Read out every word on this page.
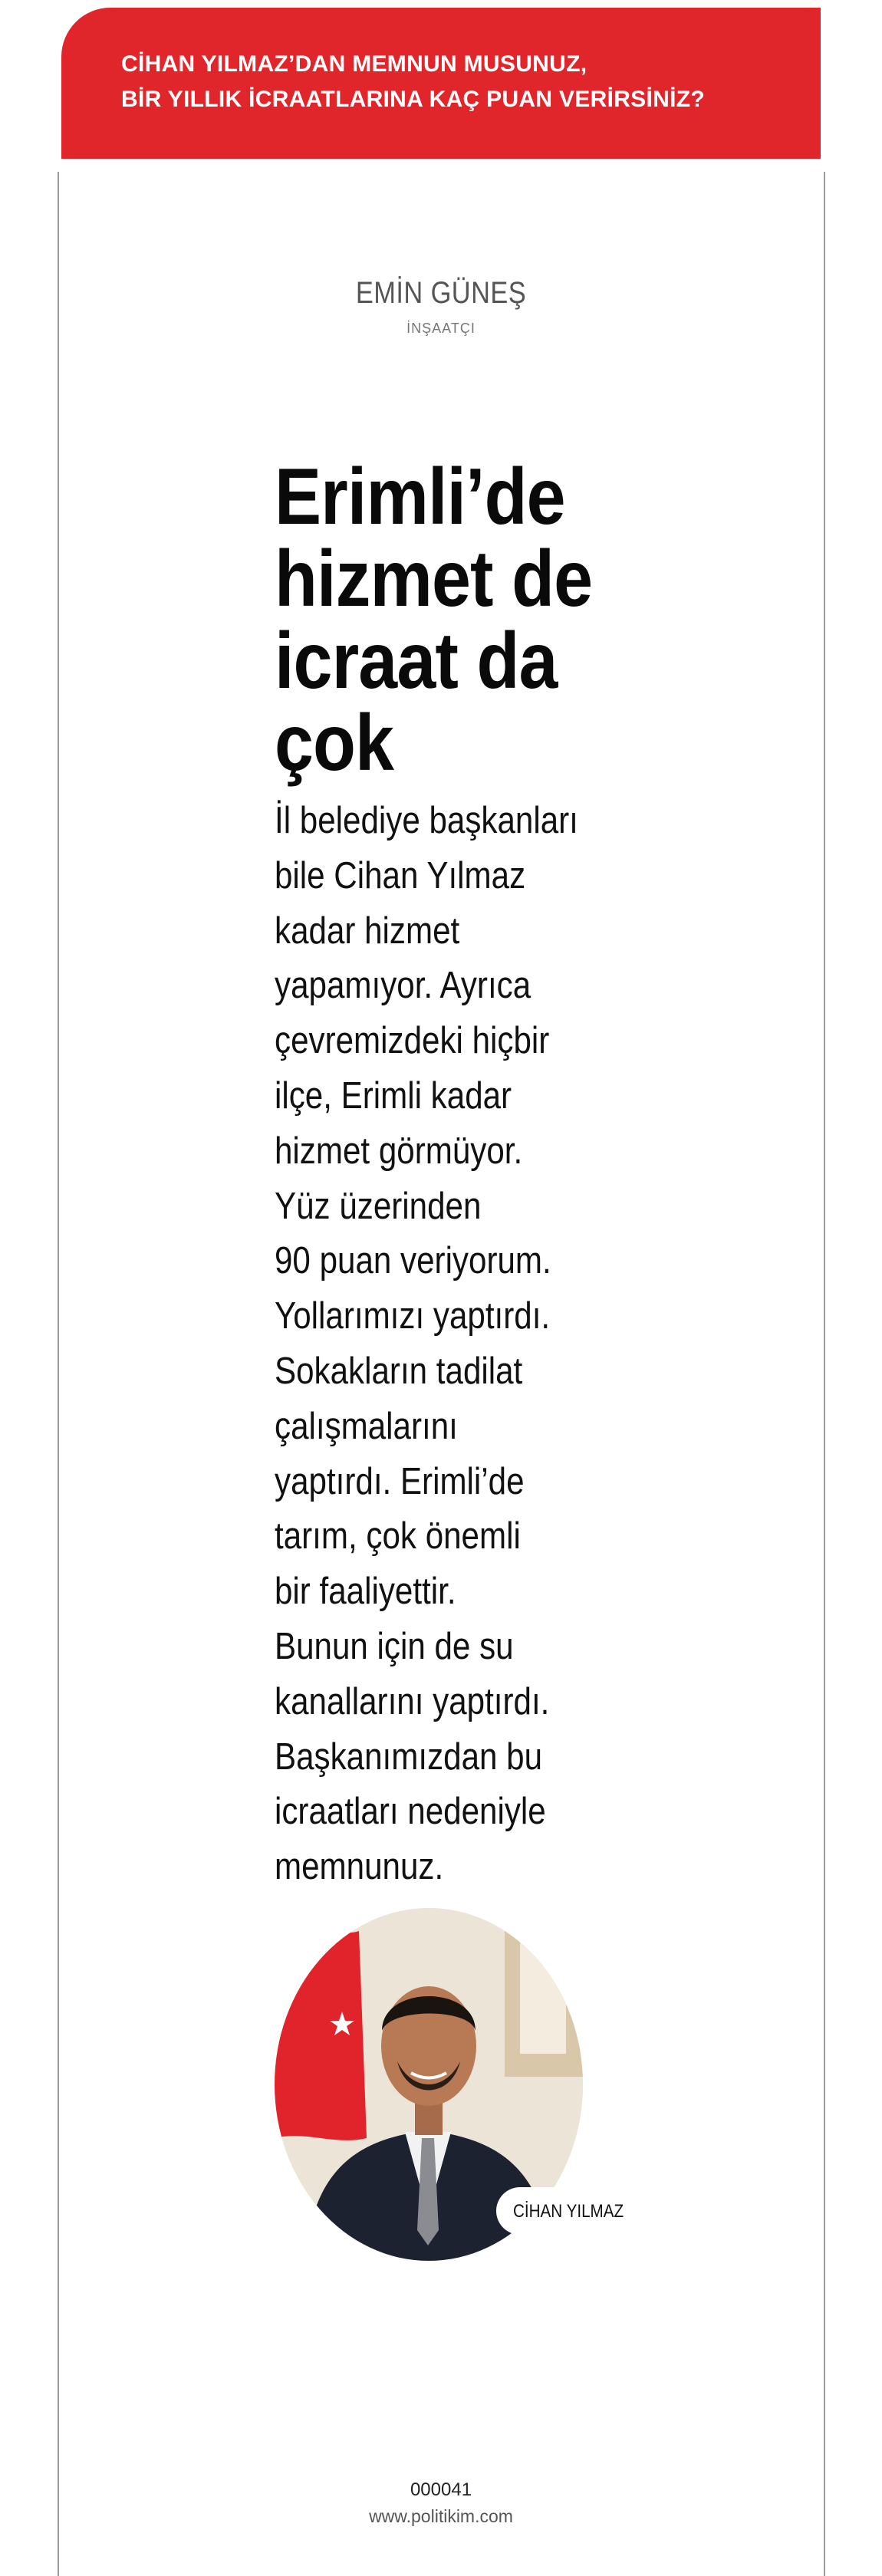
CİHAN YILMAZ’DAN MEMNUN MUSUNUZ,
BİR YILLIK İCRAATLARINA KAÇ PUAN VERİRSİNİZ?
EMİN GÜNEŞ
İNŞAATÇI
Erimli’de
hizmet de
icraat da
çok
İl belediye başkanları
bile Cihan Yılmaz
kadar hizmet
yapamıyor. Ayrıca
çevremizdeki hiçbir
ilçe, Erimli kadar
hizmet görmüyor.
Yüz üzerinden
90 puan veriyorum.
Yollarımızı yaptırdı.
Sokakların tadilat
çalışmalarını
yaptırdı. Erimli’de
tarım, çok önemli
bir faaliyettir.
Bunun için de su
kanallarını yaptırdı.
Başkanımızdan bu
icraatları nedeniyle
memnunuz.
CİHAN YILMAZ
000041
www.politikim.com
